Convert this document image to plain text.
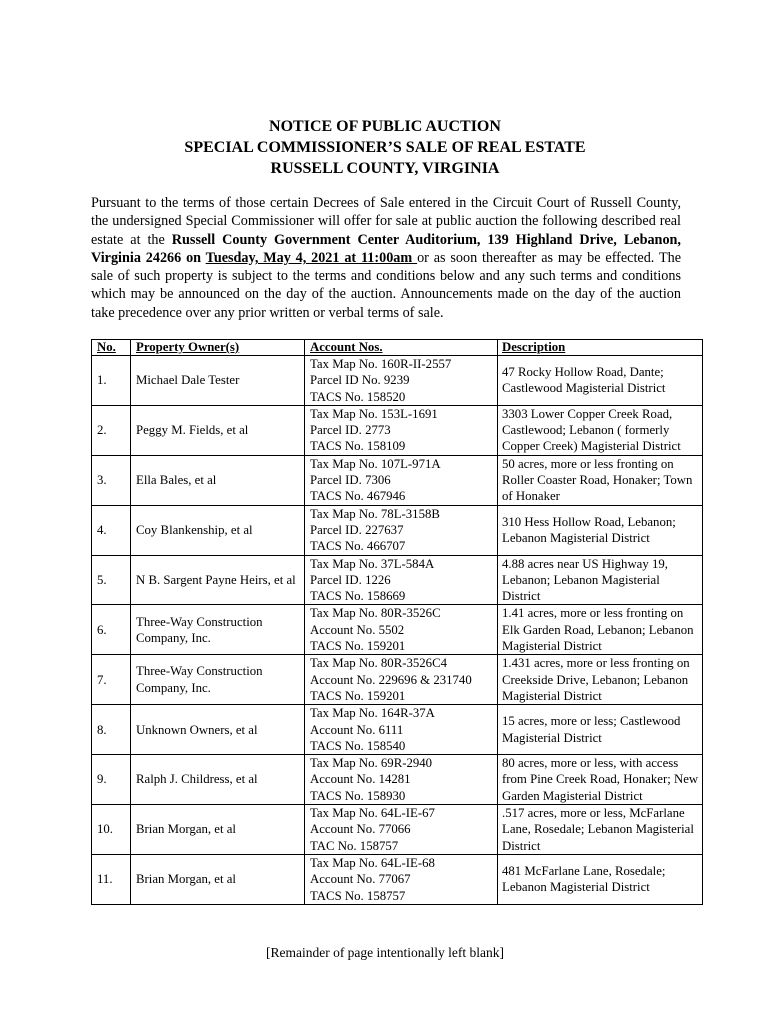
NOTICE OF PUBLIC AUCTION
SPECIAL COMMISSIONER’S SALE OF REAL ESTATE
RUSSELL COUNTY, VIRGINIA
Pursuant to the terms of those certain Decrees of Sale entered in the Circuit Court of Russell County, the undersigned Special Commissioner will offer for sale at public auction the following described real estate at the Russell County Government Center Auditorium, 139 Highland Drive, Lebanon, Virginia 24266 on Tuesday, May 4, 2021 at 11:00am or as soon thereafter as may be effected. The sale of such property is subject to the terms and conditions below and any such terms and conditions which may be announced on the day of the auction. Announcements made on the day of the auction take precedence over any prior written or verbal terms of sale.
No.	Property Owner(s)	Account Nos.	Description
1.	Michael Dale Tester	Tax Map No. 160R-II-2557
Parcel ID No. 9239
TACS No. 158520	47 Rocky Hollow Road, Dante; Castlewood Magisterial District
2.	Peggy M. Fields, et al	Tax Map No. 153L-1691
Parcel ID. 2773
TACS No. 158109	3303 Lower Copper Creek Road, Castlewood; Lebanon ( formerly Copper Creek) Magisterial District
3.	Ella Bales, et al	Tax Map No. 107L-971A
Parcel ID. 7306
TACS No. 467946	50 acres, more or less fronting on Roller Coaster Road, Honaker; Town of Honaker
4.	Coy Blankenship, et al	Tax Map No. 78L-3158B
Parcel ID. 227637
TACS No. 466707	310 Hess Hollow Road, Lebanon; Lebanon Magisterial District
5.	N B. Sargent Payne Heirs, et al	Tax Map No. 37L-584A
Parcel ID. 1226
TACS No. 158669	4.88 acres near US Highway 19, Lebanon; Lebanon Magisterial District
6.	Three-Way Construction Company, Inc.	Tax Map No. 80R-3526C
Account No. 5502
TACS No. 159201	1.41 acres, more or less fronting on Elk Garden Road, Lebanon; Lebanon Magisterial District
7.	Three-Way Construction Company, Inc.	Tax Map No. 80R-3526C4
Account No. 229696 & 231740
TACS No. 159201	1.431 acres, more or less fronting on Creekside Drive, Lebanon; Lebanon Magisterial District
8.	Unknown Owners, et al	Tax Map No. 164R-37A
Account No. 6111
TACS No. 158540	15 acres, more or less; Castlewood Magisterial District
9.	Ralph J. Childress, et al	Tax Map No. 69R-2940
Account No. 14281
TACS No. 158930	80 acres, more or less, with access from Pine Creek Road, Honaker; New Garden Magisterial District
10.	Brian Morgan, et al	Tax Map No. 64L-IE-67
Account No. 77066
TAC No. 158757	.517 acres, more or less, McFarlane Lane, Rosedale; Lebanon Magisterial District
11.	Brian Morgan, et al	Tax Map No. 64L-IE-68
Account No. 77067
TACS No. 158757	481 McFarlane Lane, Rosedale; Lebanon Magisterial District
[Remainder of page intentionally left blank]
